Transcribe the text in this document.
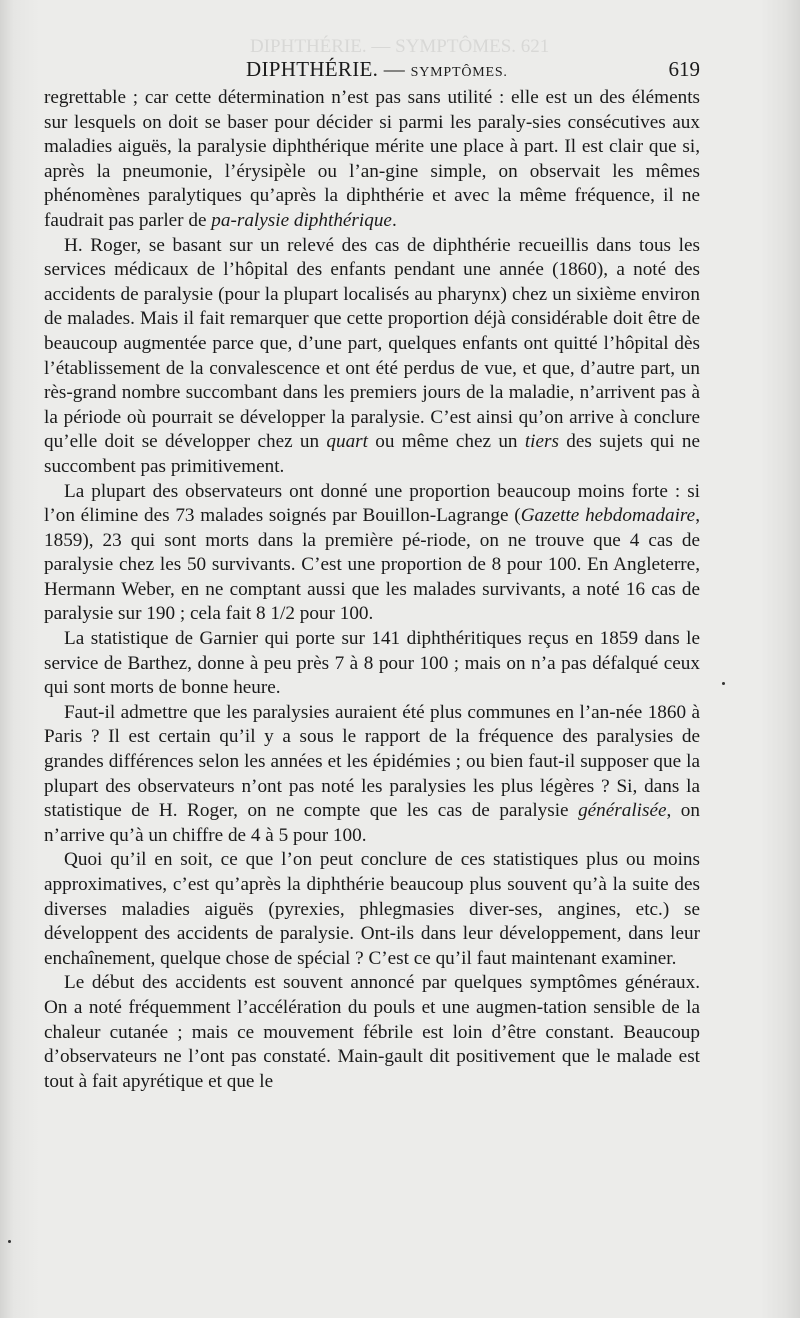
DIPHTHÉRIE. — SYMPTÔMES. 621
DIPHTHÉRIE. — SYMPTÔMES.	619

regrettable ; car cette détermination n’est pas sans utilité : elle est un des éléments sur lesquels on doit se baser pour décider si parmi les paraly-sies consécutives aux maladies aiguës, la paralysie diphthérique mérite une place à part. Il est clair que si, après la pneumonie, l’érysipèle ou l’an-gine simple, on observait les mêmes phénomènes paralytiques qu’après la diphthérie et avec la même fréquence, il ne faudrait pas parler de pa-ralysie diphthérique.

H. Roger, se basant sur un relevé des cas de diphthérie recueillis dans tous les services médicaux de l’hôpital des enfants pendant une année (1860), a noté des accidents de paralysie (pour la plupart localisés au pharynx) chez un sixième environ de malades. Mais il fait remarquer que cette proportion déjà considérable doit être de beaucoup augmentée parce que, d’une part, quelques enfants ont quitté l’hôpital dès l’établissement de la convalescence et ont été perdus de vue, et que, d’autre part, un rès-grand nombre succombant dans les premiers jours de la maladie, n’arrivent pas à la période où pourrait se développer la paralysie. C’est ainsi qu’on arrive à conclure qu’elle doit se développer chez un quart ou même chez un tiers des sujets qui ne succombent pas primitivement.

La plupart des observateurs ont donné une proportion beaucoup moins forte : si l’on élimine des 73 malades soignés par Bouillon-Lagrange (Gazette hebdomadaire, 1859), 23 qui sont morts dans la première pé-riode, on ne trouve que 4 cas de paralysie chez les 50 survivants. C’est une proportion de 8 pour 100. En Angleterre, Hermann Weber, en ne comptant aussi que les malades survivants, a noté 16 cas de paralysie sur 190 ; cela fait 8 1/2 pour 100.

La statistique de Garnier qui porte sur 141 diphthéritiques reçus en 1859 dans le service de Barthez, donne à peu près 7 à 8 pour 100 ; mais on n’a pas défalqué ceux qui sont morts de bonne heure.

Faut-il admettre que les paralysies auraient été plus communes en l’an-née 1860 à Paris ? Il est certain qu’il y a sous le rapport de la fréquence des paralysies de grandes différences selon les années et les épidémies ; ou bien faut-il supposer que la plupart des observateurs n’ont pas noté les paralysies les plus légères ? Si, dans la statistique de H. Roger, on ne compte que les cas de paralysie généralisée, on n’arrive qu’à un chiffre de 4 à 5 pour 100.

Quoi qu’il en soit, ce que l’on peut conclure de ces statistiques plus ou moins approximatives, c’est qu’après la diphthérie beaucoup plus souvent qu’à la suite des diverses maladies aiguës (pyrexies, phlegmasies diver-ses, angines, etc.) se développent des accidents de paralysie. Ont-ils dans leur développement, dans leur enchaînement, quelque chose de spécial ? C’est ce qu’il faut maintenant examiner.

Le début des accidents est souvent annoncé par quelques symptômes généraux. On a noté fréquemment l’accélération du pouls et une augmen-tation sensible de la chaleur cutanée ; mais ce mouvement fébrile est loin d’être constant. Beaucoup d’observateurs ne l’ont pas constaté. Main-gault dit positivement que le malade est tout à fait apyrétique et que le
